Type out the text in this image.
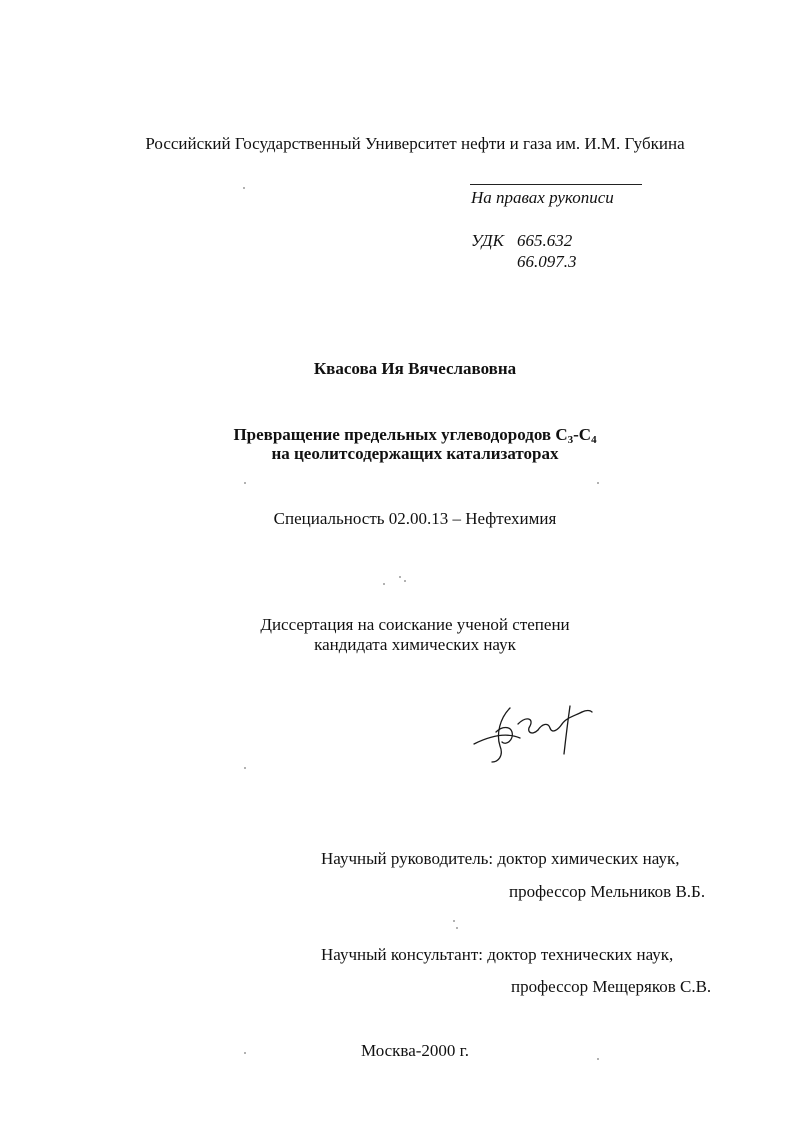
Российский Государственный Университет нефти и газа им. И.М. Губкина
На правах рукописи
УДК 665.632
66.097.3
Квасова Ия Вячеславовна
Превращение предельных углеводородов $C_3-C_4$
на цеолитсодержащих катализаторах
Специальность 02.00.13 – Нефтехимия
Диссертация на соискание ученой степени
кандидата химических наук
Научный руководитель: доктор химических наук,
профессор Мельников В.Б.
Научный консультант: доктор технических наук,
профессор Мещеряков С.В.
Москва-2000 г.
